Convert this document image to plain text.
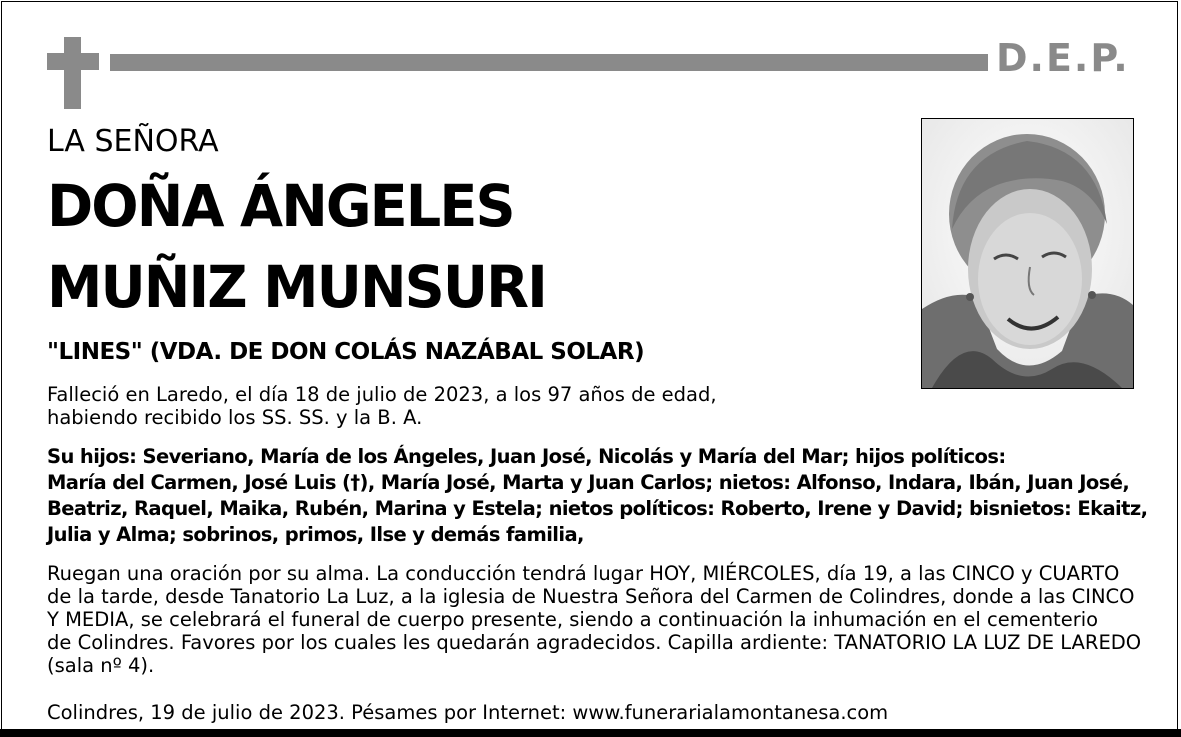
D.E.P.
LA SEÑORA
DOÑA ÁNGELES
MUÑIZ MUNSURI
"LINES" (VDA. DE DON COLÁS NAZÁBAL SOLAR)
Falleció en Laredo, el día 18 de julio de 2023, a los 97 años de edad,
habiendo recibido los SS. SS. y la B. A.
Su hijos: Severiano, María de los Ángeles, Juan José, Nicolás y María del Mar; hijos políticos:
María del Carmen, José Luis (†), María José, Marta y Juan Carlos; nietos: Alfonso, Indara, Ibán, Juan José,
Beatriz, Raquel, Maika, Rubén, Marina y Estela; nietos políticos: Roberto, Irene y David; bisnietos: Ekaitz,
Julia y Alma; sobrinos, primos, Ilse y demás familia,
Ruegan una oración por su alma. La conducción tendrá lugar HOY, MIÉRCOLES, día 19, a las CINCO y CUARTO
de la tarde, desde Tanatorio La Luz, a la iglesia de Nuestra Señora del Carmen de Colindres, donde a las CINCO
Y MEDIA, se celebrará el funeral de cuerpo presente, siendo a continuación la inhumación en el cementerio
de Colindres. Favores por los cuales les quedarán agradecidos. Capilla ardiente: TANATORIO LA LUZ DE LAREDO
(sala nº 4).
Colindres, 19 de julio de 2023. Pésames por Internet: www.funerarialamontanesa.com
